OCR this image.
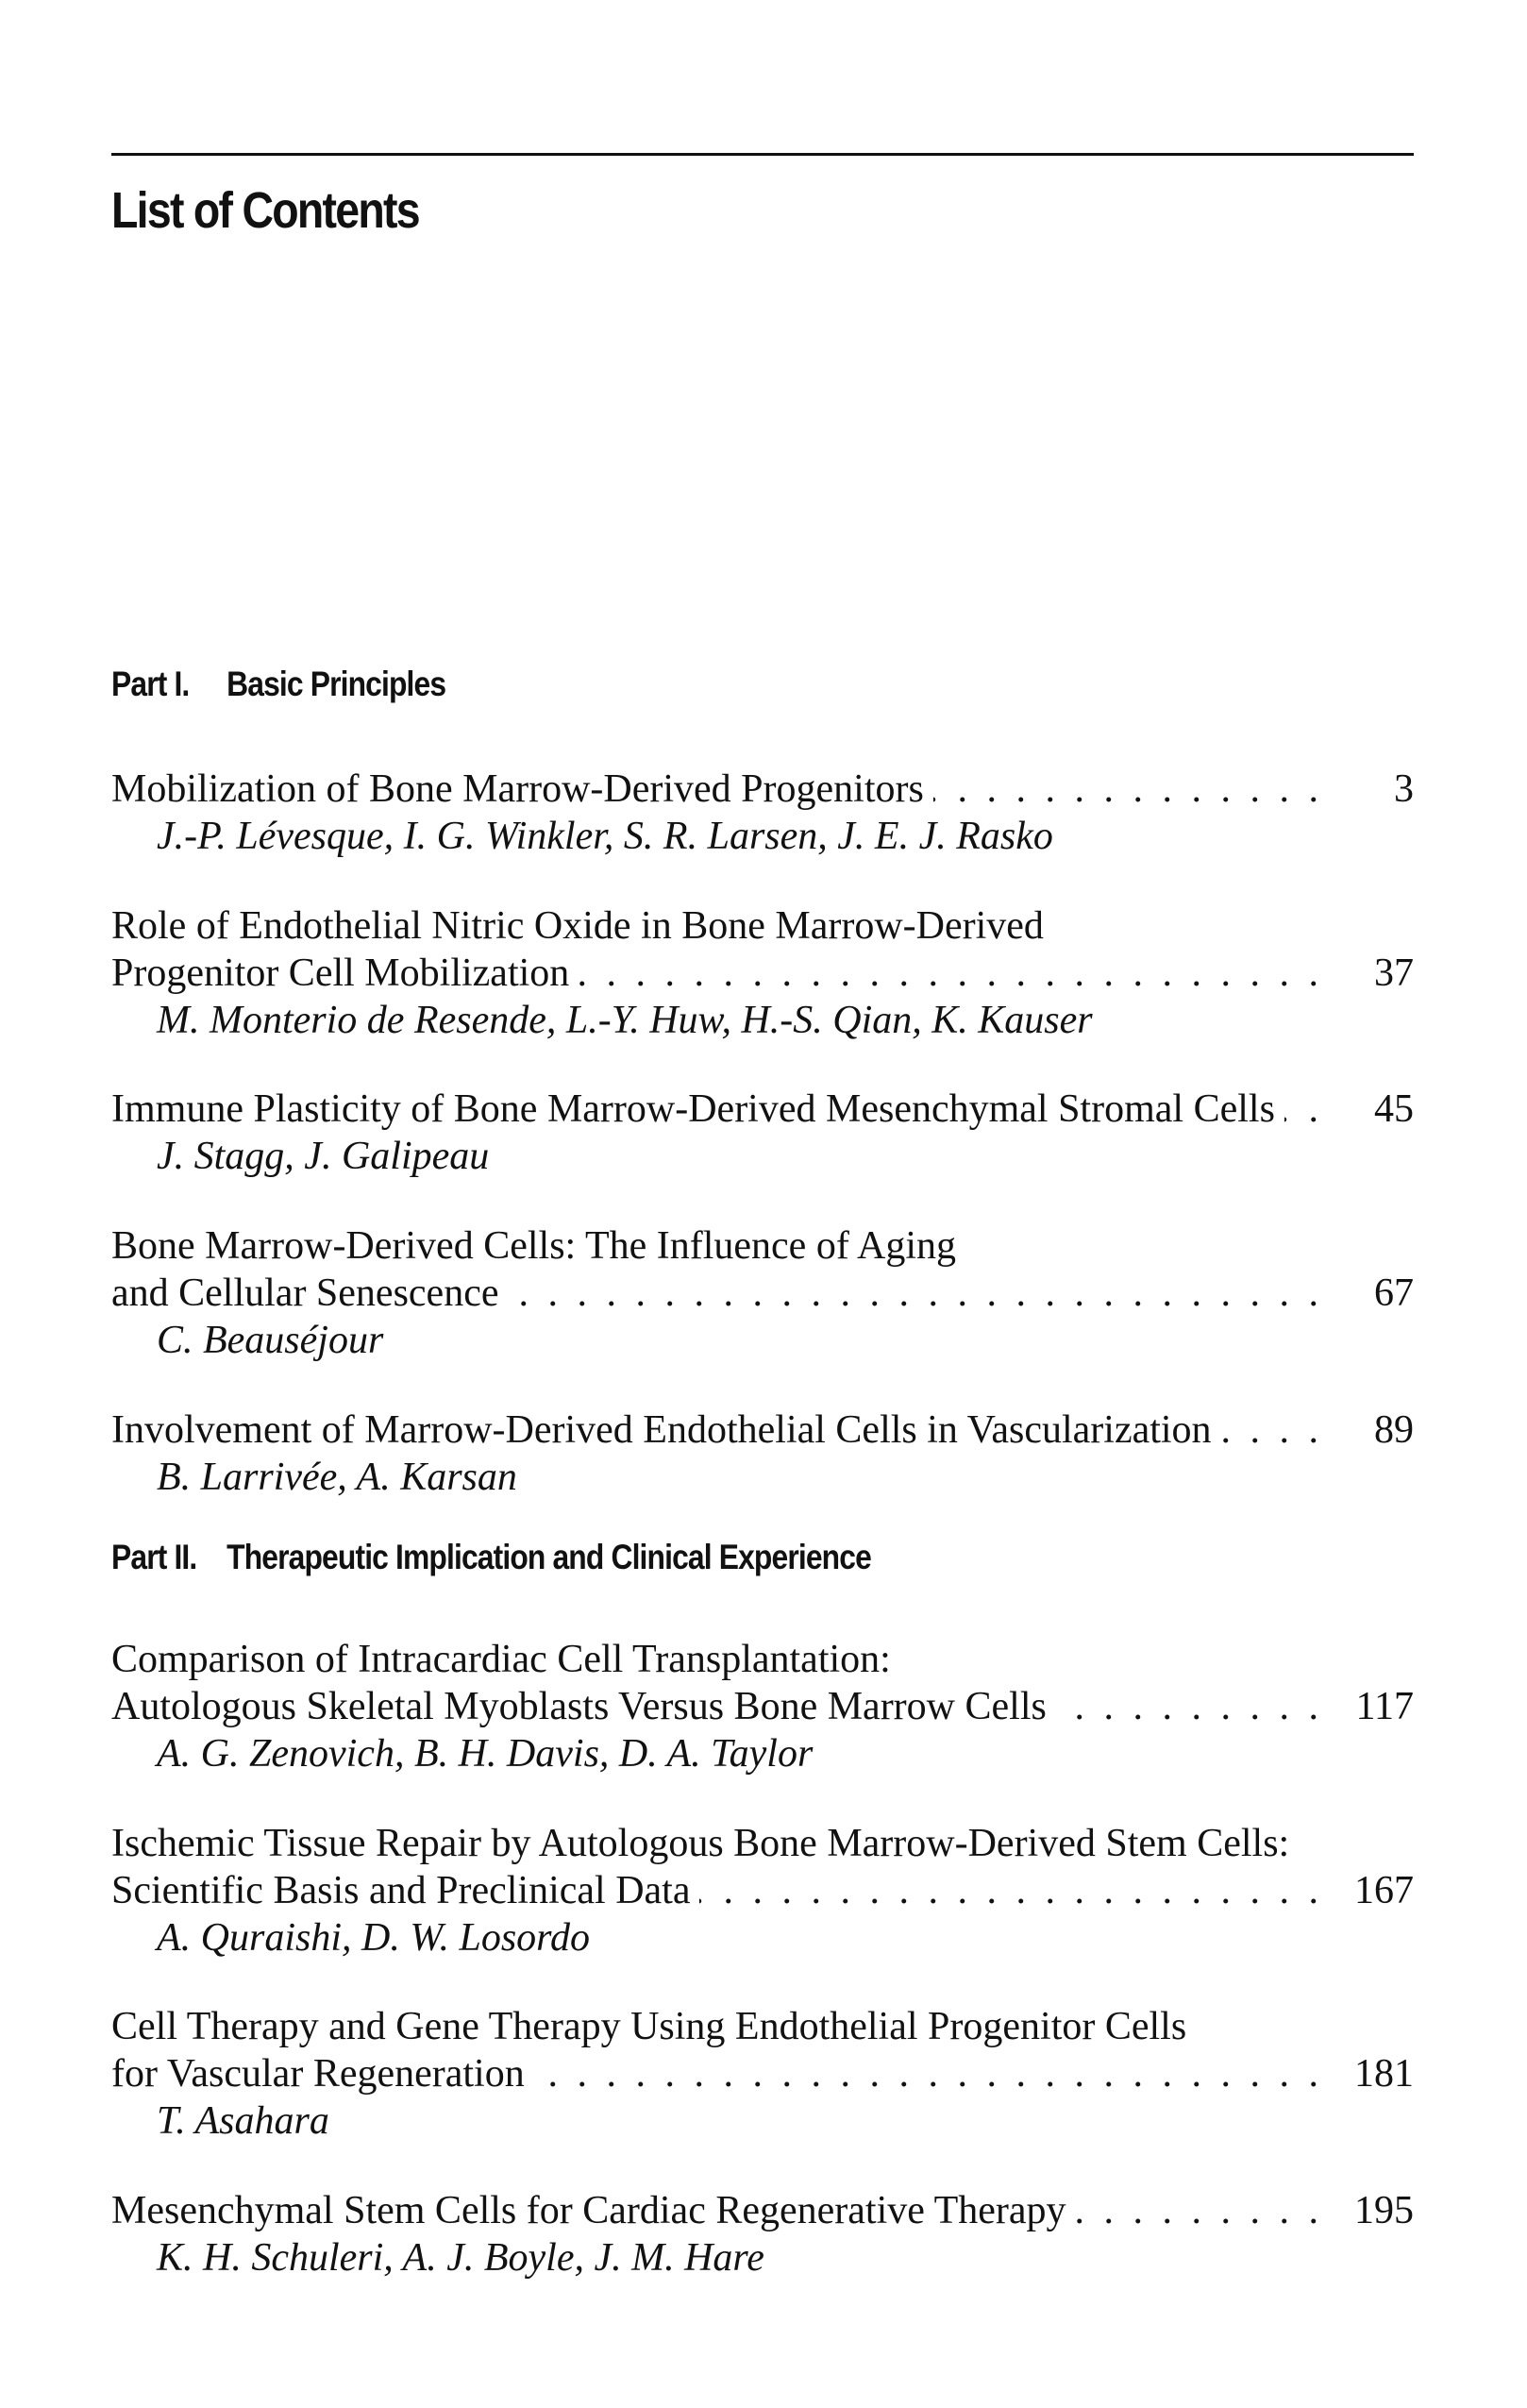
List of Contents
Part I. Basic Principles
Mobilization of Bone Marrow-Derived Progenitors . . .	3
J.-P. Lévesque, I. G. Winkler, S. R. Larsen, J. E. J. Rasko
Role of Endothelial Nitric Oxide in Bone Marrow-Derived
Progenitor Cell Mobilization . . .	37
M. Monterio de Resende, L.-Y. Huw, H.-S. Qian, K. Kauser
Immune Plasticity of Bone Marrow-Derived Mesenchymal Stromal Cells . . .	45
J. Stagg, J. Galipeau
Bone Marrow-Derived Cells: The Influence of Aging
and Cellular Senescence . . .	67
C. Beauséjour
Involvement of Marrow-Derived Endothelial Cells in Vascularization . . .	89
B. Larrivée, A. Karsan
Part II. Therapeutic Implication and Clinical Experience
Comparison of Intracardiac Cell Transplantation:
Autologous Skeletal Myoblasts Versus Bone Marrow Cells . . .	117
A. G. Zenovich, B. H. Davis, D. A. Taylor
Ischemic Tissue Repair by Autologous Bone Marrow-Derived Stem Cells:
Scientific Basis and Preclinical Data . . .	167
A. Quraishi, D. W. Losordo
Cell Therapy and Gene Therapy Using Endothelial Progenitor Cells
for Vascular Regeneration . . .	181
T. Asahara
Mesenchymal Stem Cells for Cardiac Regenerative Therapy . . .	195
K. H. Schuleri, A. J. Boyle, J. M. Hare
